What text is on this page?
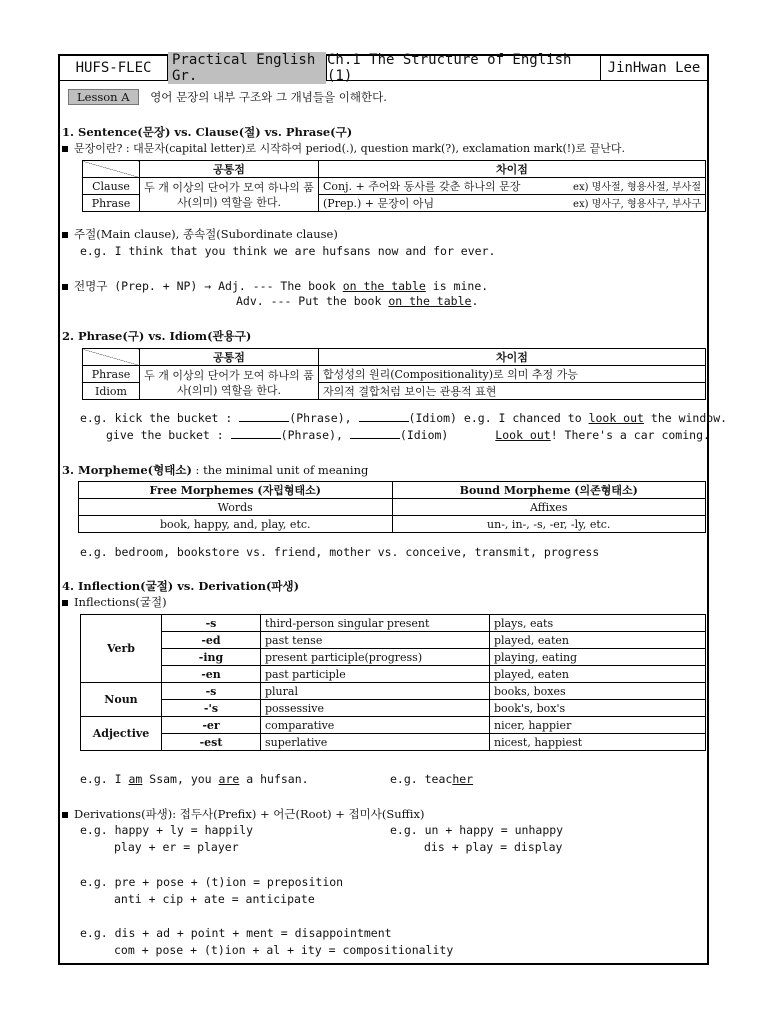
HUFS-FLEC	Practical English Gr.
Ch.1 The Structure of English (1)	JinHwan Lee
Lesson A 영어 문장의 내부 구조와 그 개념들을 이해한다.
1. Sentence(문장) vs. Clause(절) vs. Phrase(구)
문장이란? : 대문자(capital letter)로 시작하여 period(.), question mark(?), exclamation mark(!)로 끝난다.
	공통점	차이점
Clause	두 개 이상의 단어가 모여 하나의 품사(의미) 역할을 한다.	Conj. + 주어와 동사를 갖춘 하나의 문장 ex) 명사절, 형용사절, 부사절

Phrase		(Prep.) + 문장이 아님 ex) 명사구, 형용사구, 부사구
주절(Main clause), 종속절(Subordinate clause)
e.g. I think that you think we are hufsans now and for ever.
전명구 (Prep. + NP) → Adj. --- The book on the table is mine.
Adv. --- Put the book on the table.
2. Phrase(구) vs. Idiom(관용구)
	공통점	차이점
Phrase	두 개 이상의 단어가 모여 하나의 품사(의미) 역할을 한다.	합성성의 원리(Compositionality)로 의미 추정 가능
Idiom		자의적 결합처럼 보이는 관용적 표현
e.g. kick the bucket :	(Phrase),	(Idiom) e.g. I chanced to look out the window.
give the bucket :	(Phrase),	(Idiom)	Look out! There's a car coming.
3. Morpheme(형태소) : the minimal unit of meaning
Free Morphemes (자립형태소)	Bound Morpheme (의존형태소)
Words	Affixes
book, happy, and, play, etc.	un-, in-, -s, -er, -ly, etc.
e.g. bedroom, bookstore vs. friend, mother vs. conceive, transmit, progress
4. Inflection(굴절) vs. Derivation(파생)
Inflections(굴절)
Verb	-s	third-person singular present	plays, eats
	-ed	past tense	played, eaten
	-ing	present participle(progress)	playing, eating
	-en	past participle	played, eaten
Noun	-s	plural	books, boxes
	-'s	possessive	book's, box's
Adjective	-er	comparative	nicer, happier
	-est	superlative	nicest, happiest
e.g. I am Ssam, you are a hufsan.	e.g. teacher
Derivations(파생): 접두사(Prefix) + 어근(Root) + 접미사(Suffix)
e.g. happy + ly = happily
play + er = player
e.g. un + happy = unhappy
dis + play = display
e.g. pre + pose + (t)ion = preposition
anti + cip + ate = anticipate
e.g. dis + ad + point + ment = disappointment
com + pose + (t)ion + al + ity = compositionality
